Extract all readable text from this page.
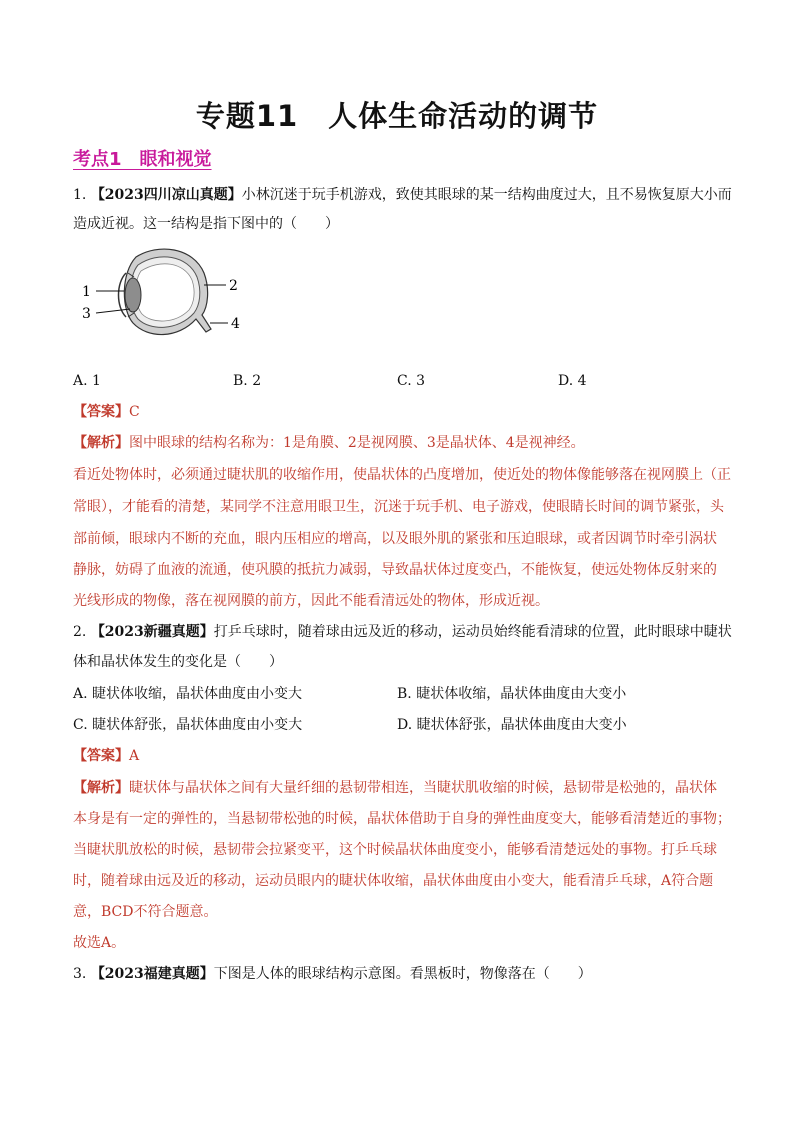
专题11　人体生命活动的调节
考点1　眼和视觉
1. 【2023四川凉山真题】小林沉迷于玩手机游戏，致使其眼球的某一结构曲度过大，且不易恢复原大小而
造成近视。这一结构是指下图中的（　　）
1
3
2
4
A. 1	B. 2	C. 3	D. 4
【答案】C
【解析】图中眼球的结构名称为：1是角膜、2是视网膜、3是晶状体、4是视神经。
看近处物体时，必须通过睫状肌的收缩作用，使晶状体的凸度增加，使近处的物体像能够落在视网膜上（正
常眼），才能看的清楚，某同学不注意用眼卫生，沉迷于玩手机、电子游戏，使眼睛长时间的调节紧张，头
部前倾，眼球内不断的充血，眼内压相应的增高，以及眼外肌的紧张和压迫眼球，或者因调节时牵引涡状
静脉，妨碍了血液的流通，使巩膜的抵抗力减弱，导致晶状体过度变凸，不能恢复，使远处物体反射来的
光线形成的物像，落在视网膜的前方，因此不能看清远处的物体，形成近视。
2. 【2023新疆真题】打乒乓球时，随着球由远及近的移动，运动员始终能看清球的位置，此时眼球中睫状
体和晶状体发生的变化是（　　）
A. 睫状体收缩，晶状体曲度由小变大	B. 睫状体收缩，晶状体曲度由大变小
C. 睫状体舒张，晶状体曲度由小变大	D. 睫状体舒张，晶状体曲度由大变小
【答案】A
【解析】睫状体与晶状体之间有大量纤细的悬韧带相连，当睫状肌收缩的时候，悬韧带是松弛的，晶状体
本身是有一定的弹性的，当悬韧带松弛的时候，晶状体借助于自身的弹性曲度变大，能够看清楚近的事物；
当睫状肌放松的时候，悬韧带会拉紧变平，这个时候晶状体曲度变小，能够看清楚远处的事物。打乒乓球
时，随着球由远及近的移动，运动员眼内的睫状体收缩，晶状体曲度由小变大，能看清乒乓球，A符合题
意，BCD不符合题意。
故选A。
3. 【2023福建真题】下图是人体的眼球结构示意图。看黑板时，物像落在（　　）
